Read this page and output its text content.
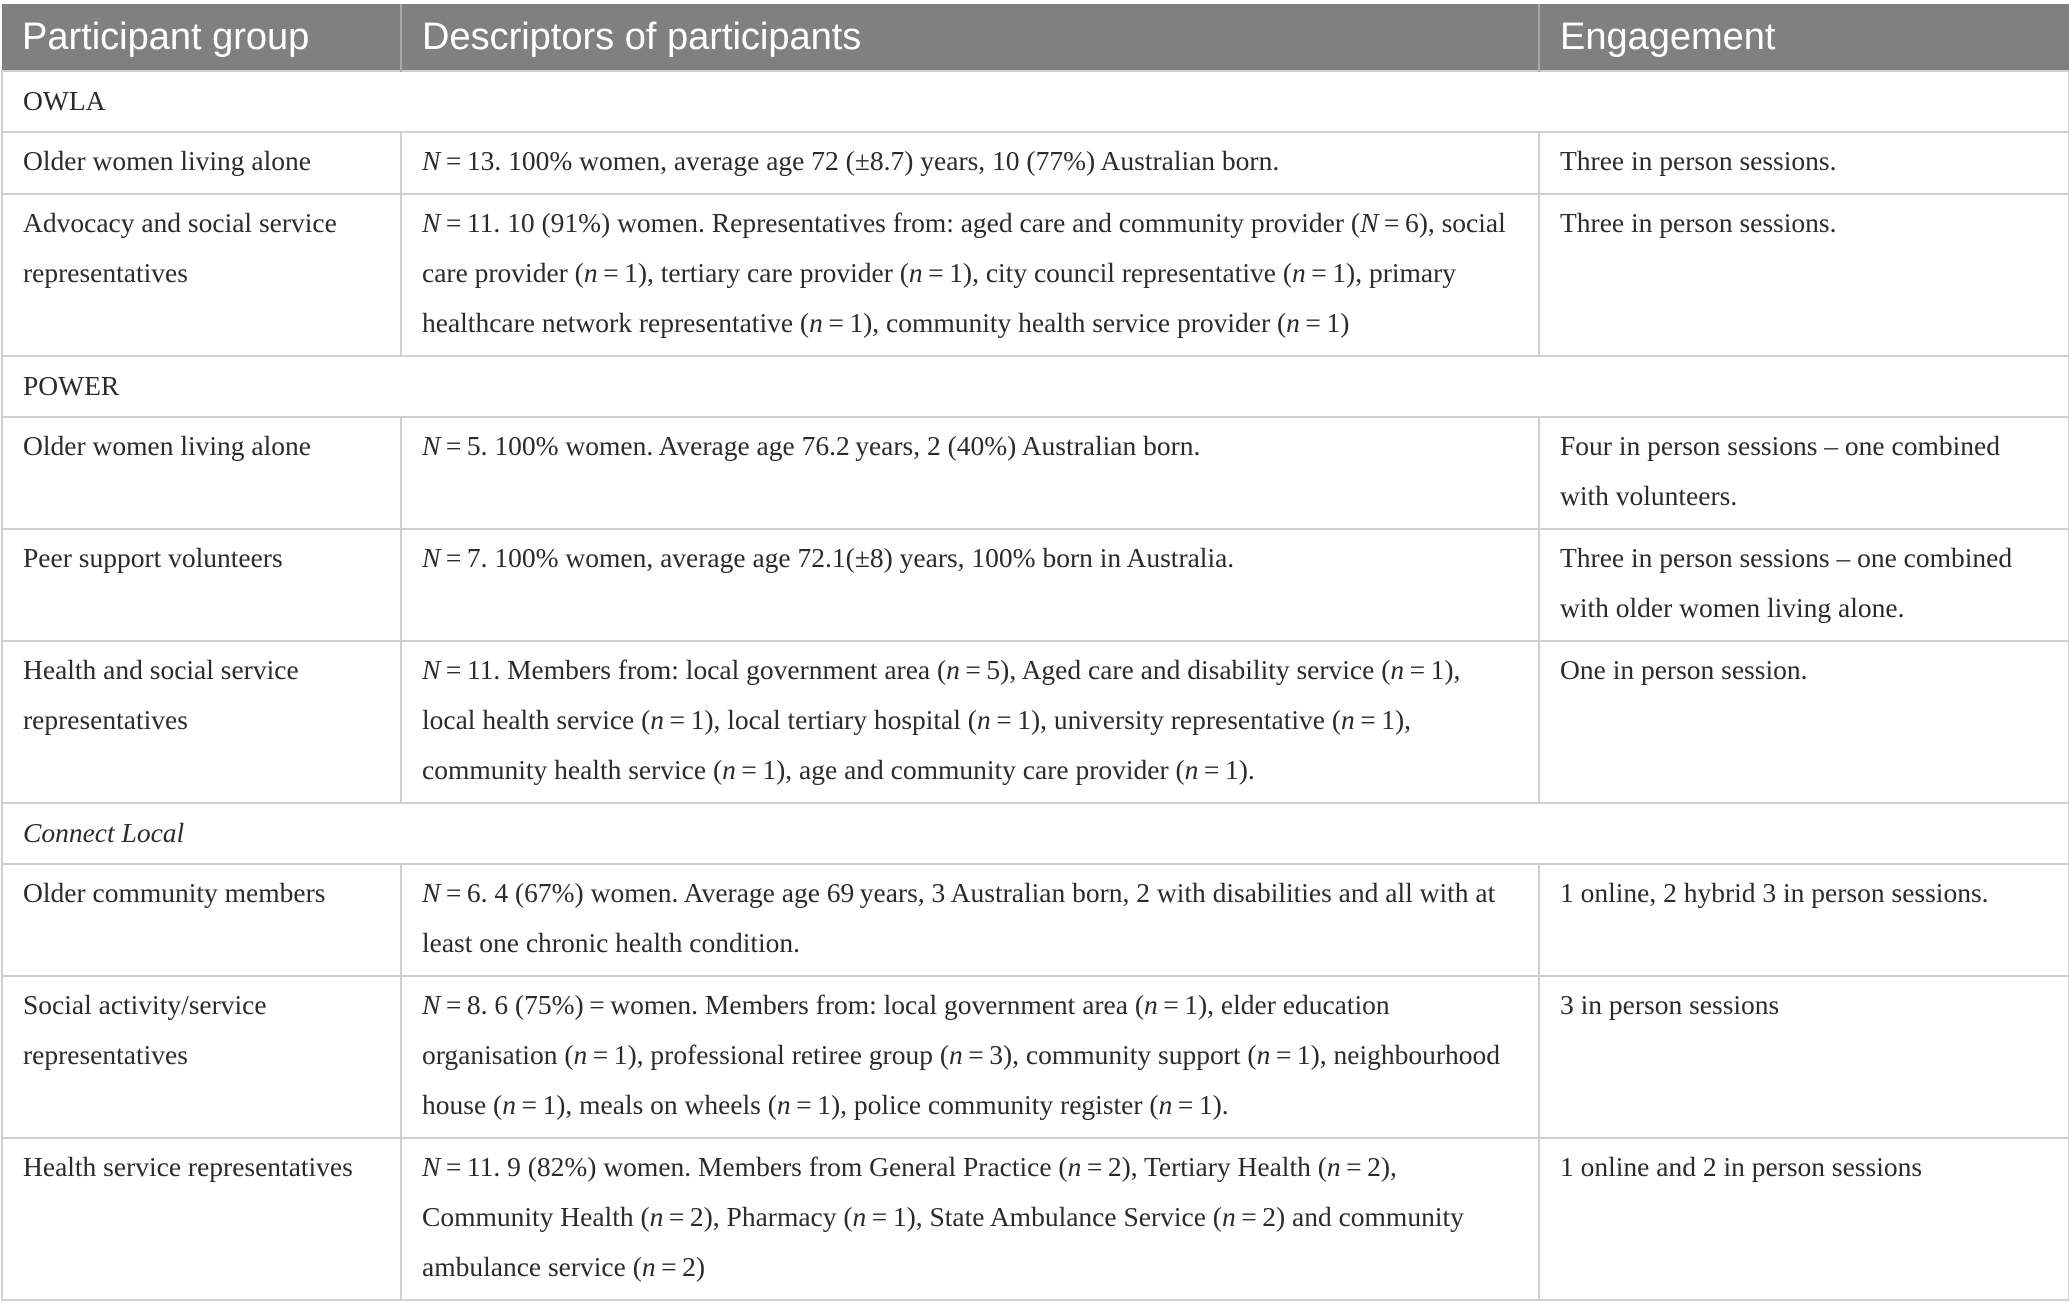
Participant group	Descriptors of participants	Engagement
OWLA		
Older women living alone	N = 13. 100% women, average age 72 (±8.7) years, 10 (77%) Australian born.	Three in person sessions.
Advocacy and social service representatives	N = 11. 10 (91%) women. Representatives from: aged care and community provider (N = 6), social care provider (n = 1), tertiary care provider (n = 1), city council representative (n = 1), primary healthcare network representative (n = 1), community health service provider (n = 1)	Three in person sessions.
POWER		
Older women living alone	N = 5. 100% women. Average age 76.2 years, 2 (40%) Australian born.	Four in person sessions – one combined with volunteers.
Peer support volunteers	N = 7. 100% women, average age 72.1(±8) years, 100% born in Australia.	Three in person sessions – one combined with older women living alone.
Health and social service representatives	N = 11. Members from: local government area (n = 5), Aged care and disability service (n = 1), local health service (n = 1), local tertiary hospital (n = 1), university representative (n = 1), community health service (n = 1), age and community care provider (n = 1).	One in person session.
Connect Local		
Older community members	N = 6. 4 (67%) women. Average age 69 years, 3 Australian born, 2 with disabilities and all with at least one chronic health condition.	1 online, 2 hybrid 3 in person sessions.
Social activity/service representatives	N = 8. 6 (75%) = women. Members from: local government area (n = 1), elder education organisation (n = 1), professional retiree group (n = 3), community support (n = 1), neighbourhood house (n = 1), meals on wheels (n = 1), police community register (n = 1).	3 in person sessions
Health service representatives	N = 11. 9 (82%) women. Members from General Practice (n = 2), Tertiary Health (n = 2), Community Health (n = 2), Pharmacy (n = 1), State Ambulance Service (n = 2) and community ambulance service (n = 2)	1 online and 2 in person sessions
